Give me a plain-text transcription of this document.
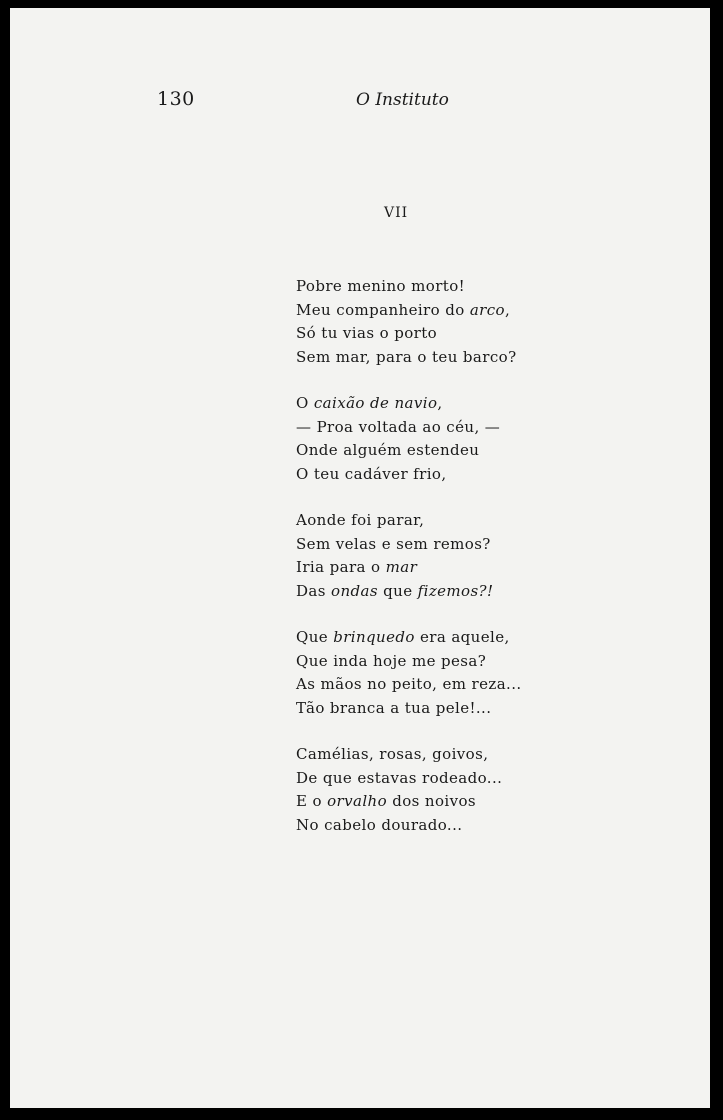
130	O Instituto
VII
Pobre menino morto!
Meu companheiro do arco,
Só tu vias o porto
Sem mar, para o teu barco?
O caixão de navio,
— Proa voltada ao céu, —
Onde alguém estendeu
O teu cadáver frio,
Aonde foi parar,
Sem velas e sem remos?
Iria para o mar
Das ondas que fizemos?!
Que brinquedo era aquele,
Que inda hoje me pesa?
As mãos no peito, em reza...
Tão branca a tua pele!...
Camélias, rosas, goivos,
De que estavas rodeado...
E o orvalho dos noivos
No cabelo dourado...
